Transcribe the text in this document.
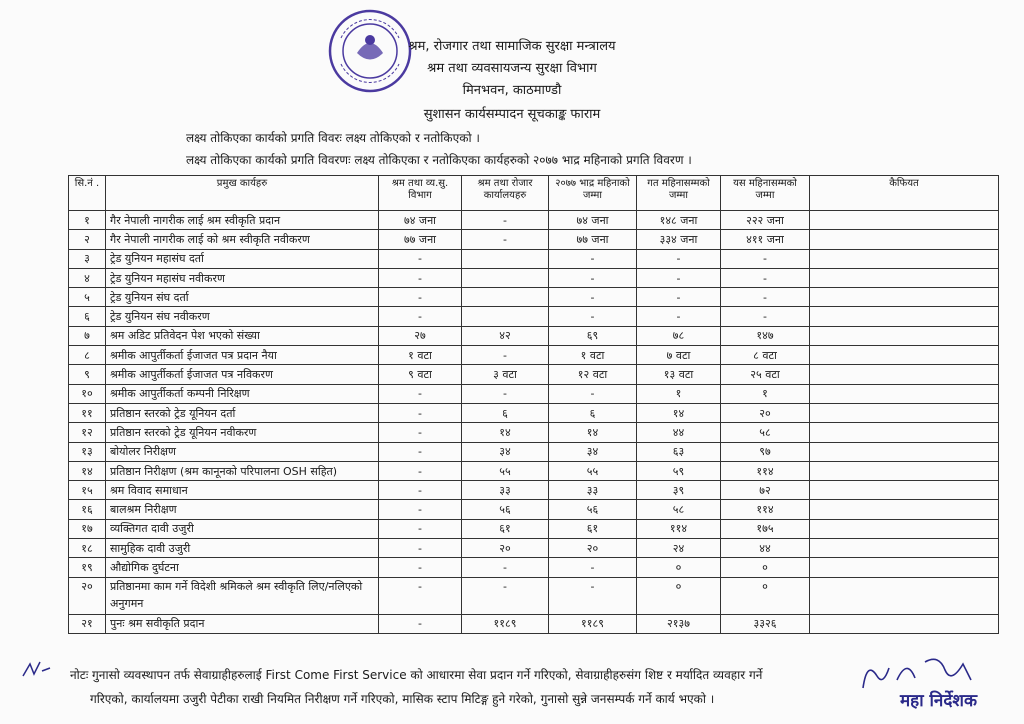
श्रम, रोजगार तथा सामाजिक सुरक्षा मन्त्रालय
श्रम तथा व्यवसायजन्य सुरक्षा विभाग
मिनभवन, काठमाण्डौ
सुशासन कार्यसम्पादन सूचकाङ्क फाराम
लक्ष्य तोकिएका कार्यको प्रगति विवरः लक्ष्य तोकिएको र नतोकिएको ।
लक्ष्य तोकिएका कार्यको प्रगति विवरणः लक्ष्य तोकिएका र नतोकिएका कार्यहरुको २०७७ भाद्र महिनाको प्रगति विवरण ।
सि.नं .	प्रमुख कार्यहरु	श्रम तथा व्य.सु. विभाग	श्रम तथा रोजार कार्यालयहरु	२०७७ भाद्र महिनाको जम्मा	गत महिनासम्मको जम्मा	यस महिनासम्मको जम्मा	कैफियत
१	गैर नेपाली नागरीक लाई श्रम स्वीकृति प्रदान	७४ जना	-	७४ जना	१४८ जना	२२२ जना	
२	गैर नेपाली नागरीक लाई को श्रम स्वीकृति नवीकरण	७७ जना	-	७७ जना	३३४ जना	४११ जना	
३	ट्रेड युनियन महासंघ दर्ता	-		-	-	-	
४	ट्रेड युनियन महासंघ नवीकरण	-		-	-	-	
५	ट्रेड युनियन संघ दर्ता	-		-	-	-	
६	ट्रेड युनियन संघ नवीकरण	-		-	-	-	
७	श्रम अडिट प्रतिवेदन पेश भएको संख्या	२७	४२	६९	७८	१४७	
८	श्रमीक आपुर्तीकर्ता ईजाजत पत्र प्रदान नैया	१ वटा	-	१ वटा	७ वटा	८ वटा	
९	श्रमीक आपुर्तीकर्ता ईजाजत पत्र नविकरण	९ वटा	३ वटा	१२ वटा	१३ वटा	२५ वटा	
१०	श्रमीक आपुर्तीकर्ता कम्पनी निरिक्षण	-	-	-	१	१	
११	प्रतिष्ठान स्तरको ट्रेड यूनियन दर्ता	-	६	६	१४	२०	
१२	प्रतिष्ठान स्तरको ट्रेड यूनियन नवीकरण	-	१४	१४	४४	५८	
१३	बोयोलर निरीक्षण	-	३४	३४	६३	९७	
१४	प्रतिष्ठान निरीक्षण (श्रम कानूनको परिपालना OSH सहित)	-	५५	५५	५९	११४	
१५	श्रम विवाद समाधान	-	३३	३३	३९	७२	
१६	बालश्रम निरीक्षण	-	५६	५६	५८	११४	
१७	व्यक्तिगत दावी उजुरी	-	६१	६१	११४	१७५	
१८	सामुहिक दावी उजुरी	-	२०	२०	२४	४४	
१९	औद्योगिक दुर्घटना	-	-	-	०	०	
२०	प्रतिष्ठानमा काम गर्ने विदेशी श्रमिकले श्रम स्वीकृति लिए/नलिएको अनुगमन	-	-	-	०	०	
२१	पुनः श्रम सवीकृति प्रदान	-	११८९	११८९	२१३७	३३२६	
नोटः गुनासो व्यवस्थापन तर्फ सेवाग्राहीहरुलाई First Come First Service को आधारमा सेवा प्रदान गर्ने गरिएको, सेवाग्राहीहरुसंग शिष्ट र मर्यादित व्यवहार गर्ने
गरिएको, कार्यालयमा उजुरी पेटीका राखी नियमित निरीक्षण गर्ने गरिएको, मासिक स्टाप मिटिङ्ग हुने गरेको, गुनासो सुन्ने जनसम्पर्क गर्ने कार्य भएको ।	महा निर्देशक
